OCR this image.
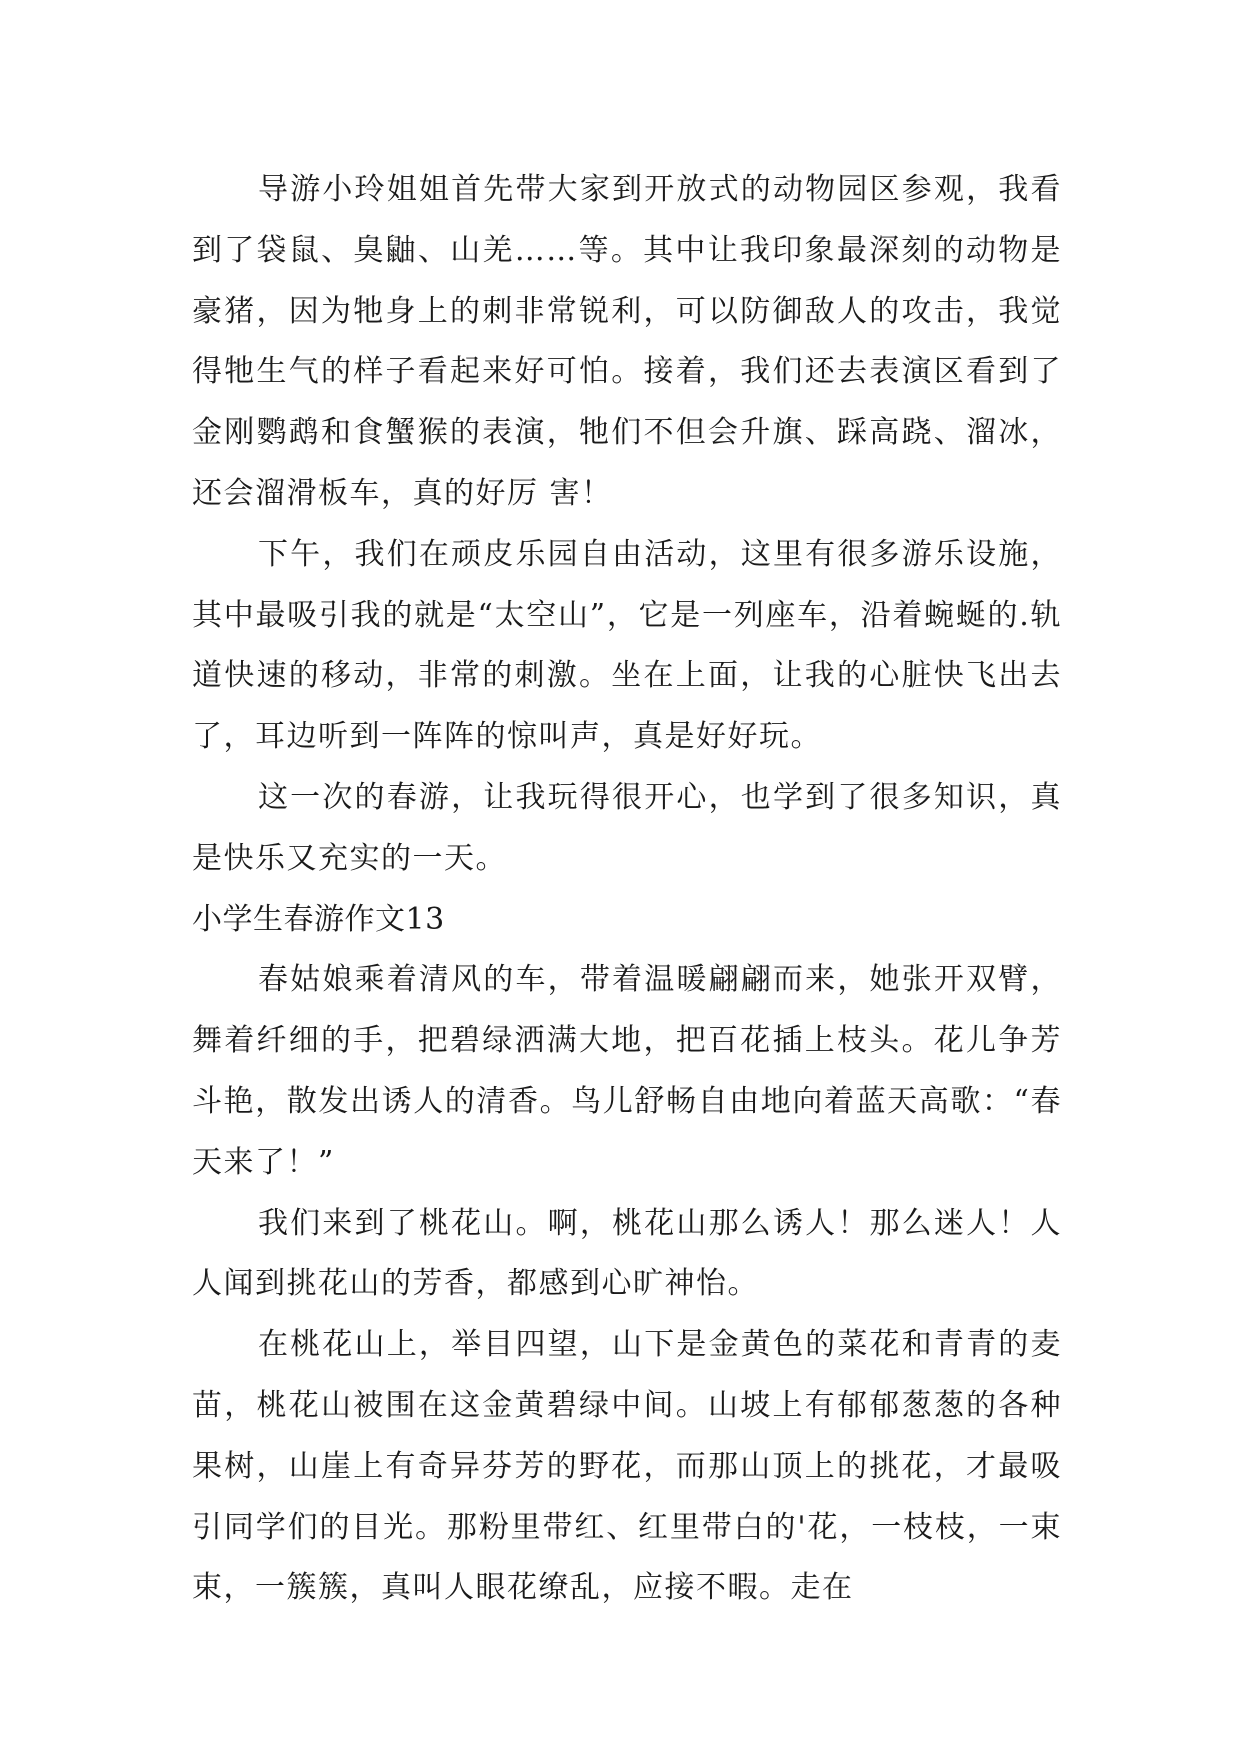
导游小玲姐姐首先带大家到开放式的动物园区参观，我看到了袋鼠、臭鼬、山羌……等。其中让我印象最深刻的动物是豪猪，因为牠身上的刺非常锐利，可以防御敌人的攻击，我觉得牠生气的样子看起来好可怕。接着，我们还去表演区看到了金刚鹦鹉和食蟹猴的表演，牠们不但会升旗、踩高跷、溜冰，还会溜滑板车，真的好厉 害！

下午，我们在顽皮乐园自由活动，这里有很多游乐设施，其中最吸引我的就是“太空山”，它是一列座车，沿着蜿蜒的.轨道快速的移动，非常的刺激。坐在上面，让我的心脏快飞出去了，耳边听到一阵阵的惊叫声，真是好好玩。

这一次的春游，让我玩得很开心，也学到了很多知识，真是快乐又充实的一天。

小学生春游作文13

春姑娘乘着清风的车，带着温暖翩翩而来，她张开双臂，舞着纤细的手，把碧绿洒满大地，把百花插上枝头。花儿争芳斗艳，散发出诱人的清香。鸟儿舒畅自由地向着蓝天高歌：“春天来了！”

我们来到了桃花山。啊，桃花山那么诱人！那么迷人！人人闻到挑花山的芳香，都感到心旷神怡。

在桃花山上，举目四望，山下是金黄色的菜花和青青的麦苗，桃花山被围在这金黄碧绿中间。山坡上有郁郁葱葱的各种果树，山崖上有奇异芬芳的野花，而那山顶上的挑花，才最吸引同学们的目光。那粉里带红、红里带白的'花，一枝枝，一束束，一簇簇，真叫人眼花缭乱，应接不暇。走在
